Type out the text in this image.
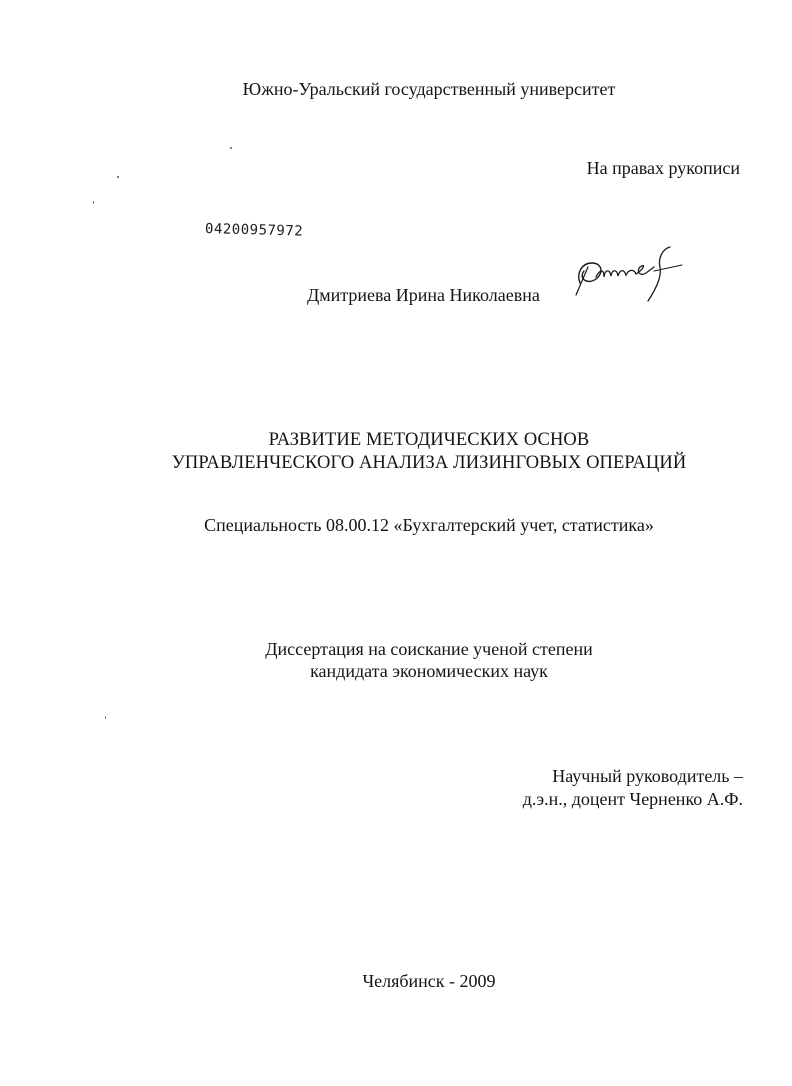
Южно-Уральский государственный университет
На правах рукописи
04200957972
Дмитриева Ирина Николаевна
РАЗВИТИЕ МЕТОДИЧЕСКИХ ОСНОВ
УПРАВЛЕНЧЕСКОГО АНАЛИЗА ЛИЗИНГОВЫХ ОПЕРАЦИЙ
Специальность 08.00.12 «Бухгалтерский учет, статистика»
Диссертация на соискание ученой степени
кандидата экономических наук
Научный руководитель –
д.э.н., доцент Черненко А.Ф.
Челябинск - 2009
